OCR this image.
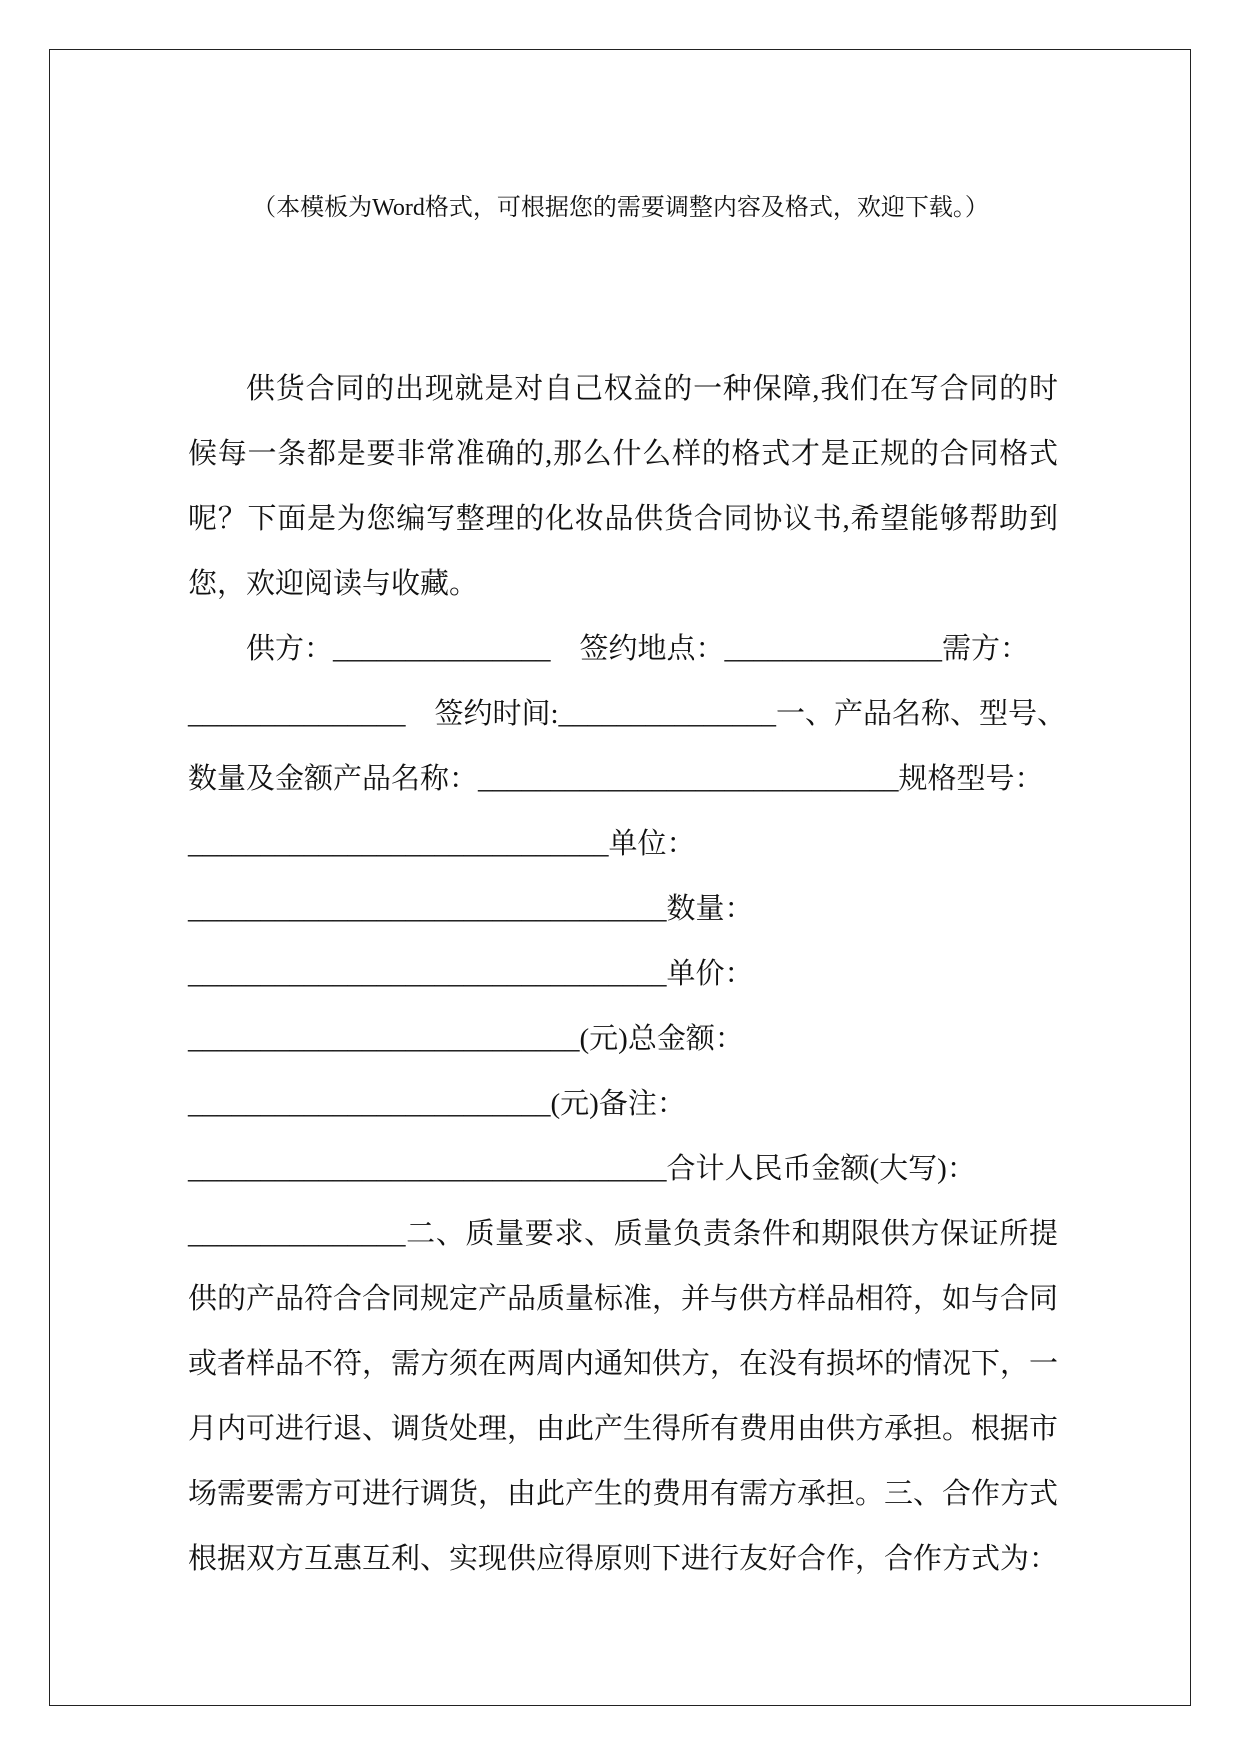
（本模板为Word格式，可根据您的需要调整内容及格式，欢迎下载。）
供货合同的出现就是对自己权益的一种保障,我们在写合同的时
候每一条都是要非常准确的,那么什么样的格式才是正规的合同格式
呢？下面是为您编写整理的化妆品供货合同协议书,希望能够帮助到
您，欢迎阅读与收藏。
供方：_______________  签约地点：_______________需方：
_______________  签约时间:_______________一、产品名称、型号、
数量及金额产品名称：_____________________________规格型号：
_____________________________单位：
_________________________________数量：
_________________________________单价：
___________________________(元)总金额：
_________________________(元)备注：
_________________________________合计人民币金额(大写)：
_______________二、质量要求、质量负责条件和期限供方保证所提
供的产品符合合同规定产品质量标准，并与供方样品相符，如与合同
或者样品不符，需方须在两周内通知供方，在没有损坏的情况下，一
月内可进行退、调货处理，由此产生得所有费用由供方承担。根据市
场需要需方可进行调货，由此产生的费用有需方承担。三、合作方式
根据双方互惠互利、实现供应得原则下进行友好合作，合作方式为：
